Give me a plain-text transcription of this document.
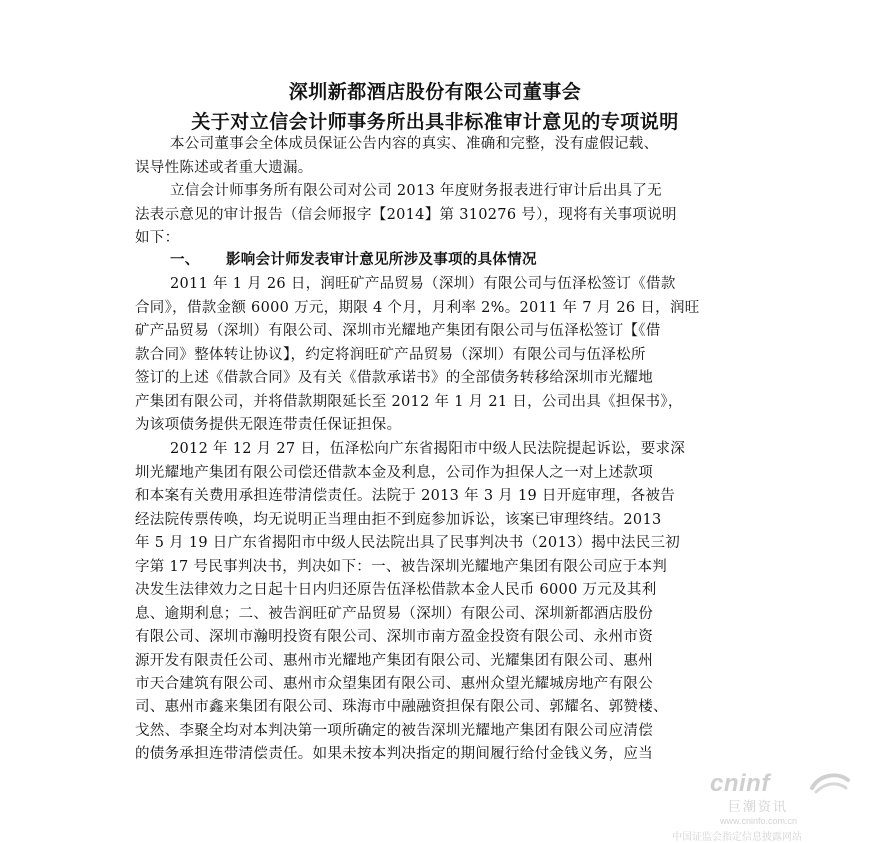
深圳新都酒店股份有限公司董事会
关于对立信会计师事务所出具非标准审计意见的专项说明
本公司董事会全体成员保证公告内容的真实、准确和完整，没有虚假记载、
误导性陈述或者重大遗漏。
立信会计师事务所有限公司对公司 2013 年度财务报表进行审计后出具了无
法表示意见的审计报告（信会师报字【2014】第 310276 号），现将有关事项说明
如下：
一、 影响会计师发表审计意见所涉及事项的具体情况
2011 年 1 月 26 日，润旺矿产品贸易（深圳）有限公司与伍泽松签订《借款
合同》，借款金额 6000 万元，期限 4 个月，月利率 2%。2011 年 7 月 26 日，润旺
矿产品贸易（深圳）有限公司、深圳市光耀地产集团有限公司与伍泽松签订【《借
款合同》整体转让协议】，约定将润旺矿产品贸易（深圳）有限公司与伍泽松所
签订的上述《借款合同》及有关《借款承诺书》的全部债务转移给深圳市光耀地
产集团有限公司，并将借款期限延长至 2012 年 1 月 21 日，公司出具《担保书》，
为该项债务提供无限连带责任保证担保。
2012 年 12 月 27 日，伍泽松向广东省揭阳市中级人民法院提起诉讼，要求深
圳光耀地产集团有限公司偿还借款本金及利息，公司作为担保人之一对上述款项
和本案有关费用承担连带清偿责任。法院于 2013 年 3 月 19 日开庭审理，各被告
经法院传票传唤，均无说明正当理由拒不到庭参加诉讼，该案已审理终结。2013
年 5 月 19 日广东省揭阳市中级人民法院出具了民事判决书（2013）揭中法民三初
字第 17 号民事判决书，判决如下：一、被告深圳光耀地产集团有限公司应于本判
决发生法律效力之日起十日内归还原告伍泽松借款本金人民币 6000 万元及其利
息、逾期利息；二、被告润旺矿产品贸易（深圳）有限公司、深圳新都酒店股份
有限公司、深圳市瀚明投资有限公司、深圳市南方盈金投资有限公司、永州市资
源开发有限责任公司、惠州市光耀地产集团有限公司、光耀集团有限公司、惠州
市天合建筑有限公司、惠州市众望集团有限公司、惠州众望光耀城房地产有限公
司、惠州市鑫来集团有限公司、珠海市中融融资担保有限公司、郭耀名、郭赞楼、
戈然、李聚全均对本判决第一项所确定的被告深圳光耀地产集团有限公司应清偿
的债务承担连带清偿责任。如果未按本判决指定的期间履行给付金钱义务，应当
cninf
巨潮资讯
www.cninfo.com.cn
中国证监会指定信息披露网站
